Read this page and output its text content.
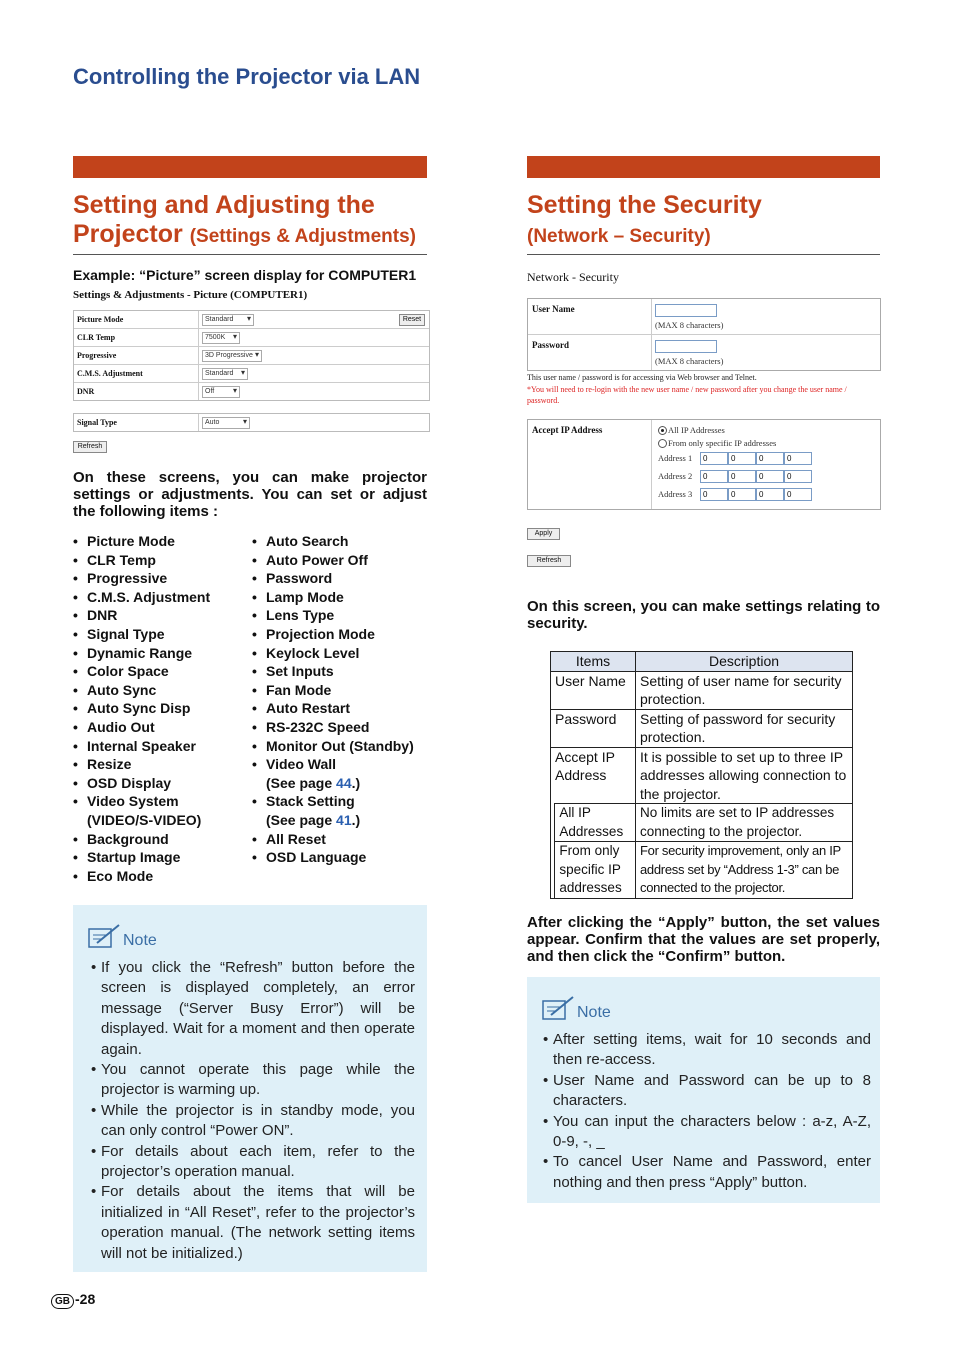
Controlling the Projector via LAN
Setting and Adjusting the
Projector (Settings & Adjustments)
Example: “Picture” screen display for COMPUTER1
Settings & Adjustments - Picture (COMPUTER1)
Picture Mode	Standard ▾	Reset
CLR Temp	7500K ▾
Progressive	3D Progressive ▾
C.M.S. Adjustment	Standard ▾
DNR	Off ▾
Signal Type	Auto ▾
Refresh
On these screens, you can make projector settings or adjustments. You can set or adjust the following items :
• Picture Mode
• CLR Temp
• Progressive
• C.M.S. Adjustment
• DNR
• Signal Type
• Dynamic Range
• Color Space
• Auto Sync
• Auto Sync Disp
• Audio Out
• Internal Speaker
• Resize
• OSD Display
• Video System
(VIDEO/S-VIDEO)
• Background
• Startup Image
• Eco Mode
• Auto Search
• Auto Power Off
• Password
• Lamp Mode
• Lens Type
• Projection Mode
• Keylock Level
• Set Inputs
• Fan Mode
• Auto Restart
• RS-232C Speed
• Monitor Out (Standby)
• Video Wall
(See page 44.)
• Stack Setting
(See page 41.)
• All Reset
• OSD Language
Note
• If you click the “Refresh” button before the screen is displayed completely, an error message (“Server Busy Error”) will be displayed. Wait for a moment and then operate again.
• You cannot operate this page while the projector is warming up.
• While the projector is in standby mode, you can only control “Power ON”.
• For details about each item, refer to the projector’s operation manual.
• For details about the items that will be initialized in “All Reset”, refer to the projector’s operation manual. (The network setting items will not be initialized.)
Setting the Security
(Network – Security)
Network - Security
User Name
(MAX 8 characters)
Password
(MAX 8 characters)
This user name / password is for accessing via Web browser and Telnet.
*You will need to re-login with the new user name / new password after you change the user name / password.
Accept IP Address	All IP Addresses
From only specific IP addresses
Address 1	0	0	0	0
Address 2	0	0	0	0
Address 3	0	0	0	0
Apply
Refresh
On this screen, you can make settings relating to security.
Items		Description
User Name		Setting of user name for security protection.
Password		Setting of password for security protection.
Accept IP Address		It is possible to set up to three IP addresses allowing connection to the projector.
	All IP Addresses	No limits are set to IP addresses connecting to the projector.
	From only specific IP addresses	For security improvement, only an IP address set by “Address 1-3” can be connected to the projector.
After clicking the “Apply” button, the set values appear. Confirm that the values are set properly, and then click the “Confirm” button.
Note
• After setting items, wait for 10 seconds and then re-access.
• User Name and Password can be up to 8 characters.
• You can input the characters below : a-z, A-Z, 0-9, -, _
• To cancel User Name and Password, enter nothing and then press “Apply” button.
GB -28
